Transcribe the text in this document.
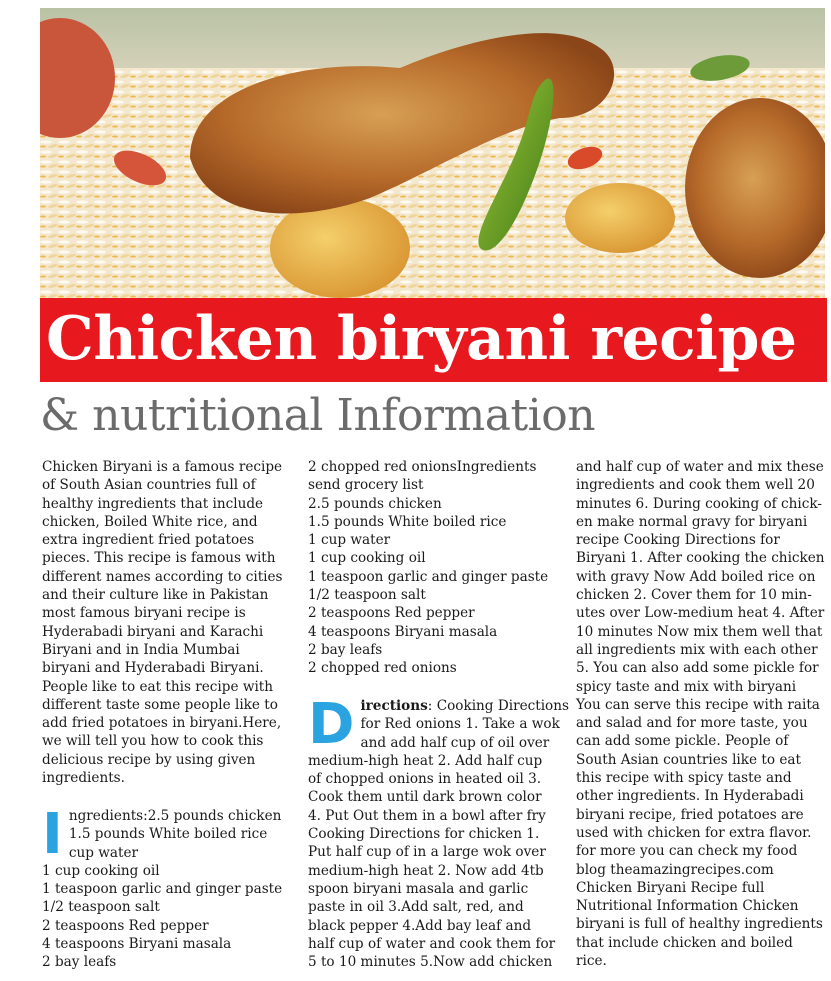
Chicken biryani recipe
& nutritional Information
Chicken Biryani is a famous recipe
of South Asian countries full of
healthy ingredients that include
chicken, Boiled White rice, and
extra ingredient fried potatoes
pieces. This recipe is famous with
different names according to cities
and their culture like in Pakistan
most famous biryani recipe is
Hyderabadi biryani and Karachi
Biryani and in India Mumbai
biryani and Hyderabadi Biryani.
People like to eat this recipe with
different taste some people like to
add fried potatoes in biryani.Here,
we will tell you how to cook this
delicious recipe by using given
ingredients.
Ingredients:2.5 pounds chicken
1.5 pounds White boiled rice
cup water
1 cup cooking oil
1 teaspoon garlic and ginger paste
1/2 teaspoon salt
2 teaspoons Red pepper
4 teaspoons Biryani masala
2 bay leafs
2 chopped red onionsIngredients
send grocery list
2.5 pounds chicken
1.5 pounds White boiled rice
1 cup water
1 cup cooking oil
1 teaspoon garlic and ginger paste
1/2 teaspoon salt
2 teaspoons Red pepper
4 teaspoons Biryani masala
2 bay leafs
2 chopped red onions
Directions: Cooking Directions
for Red onions 1. Take a wok
and add half cup of oil over
medium-high heat 2. Add half cup
of chopped onions in heated oil 3.
Cook them until dark brown color
4. Put Out them in a bowl after fry
Cooking Directions for chicken 1.
Put half cup of in a large wok over
medium-high heat 2. Now add 4tb
spoon biryani masala and garlic
paste in oil 3.Add salt, red, and
black pepper 4.Add bay leaf and
half cup of water and cook them for
5 to 10 minutes 5.Now add chicken
and half cup of water and mix these
ingredients and cook them well 20
minutes 6. During cooking of chick-
en make normal gravy for biryani
recipe Cooking Directions for
Biryani 1. After cooking the chicken
with gravy Now Add boiled rice on
chicken 2. Cover them for 10 min-
utes over Low-medium heat 4. After
10 minutes Now mix them well that
all ingredients mix with each other
5. You can also add some pickle for
spicy taste and mix with biryani
You can serve this recipe with raita
and salad and for more taste, you
can add some pickle. People of
South Asian countries like to eat
this recipe with spicy taste and
other ingredients. In Hyderabadi
biryani recipe, fried potatoes are
used with chicken for extra flavor.
for more you can check my food
blog theamazingrecipes.com
Chicken Biryani Recipe full
Nutritional Information Chicken
biryani is full of healthy ingredients
that include chicken and boiled
rice.
